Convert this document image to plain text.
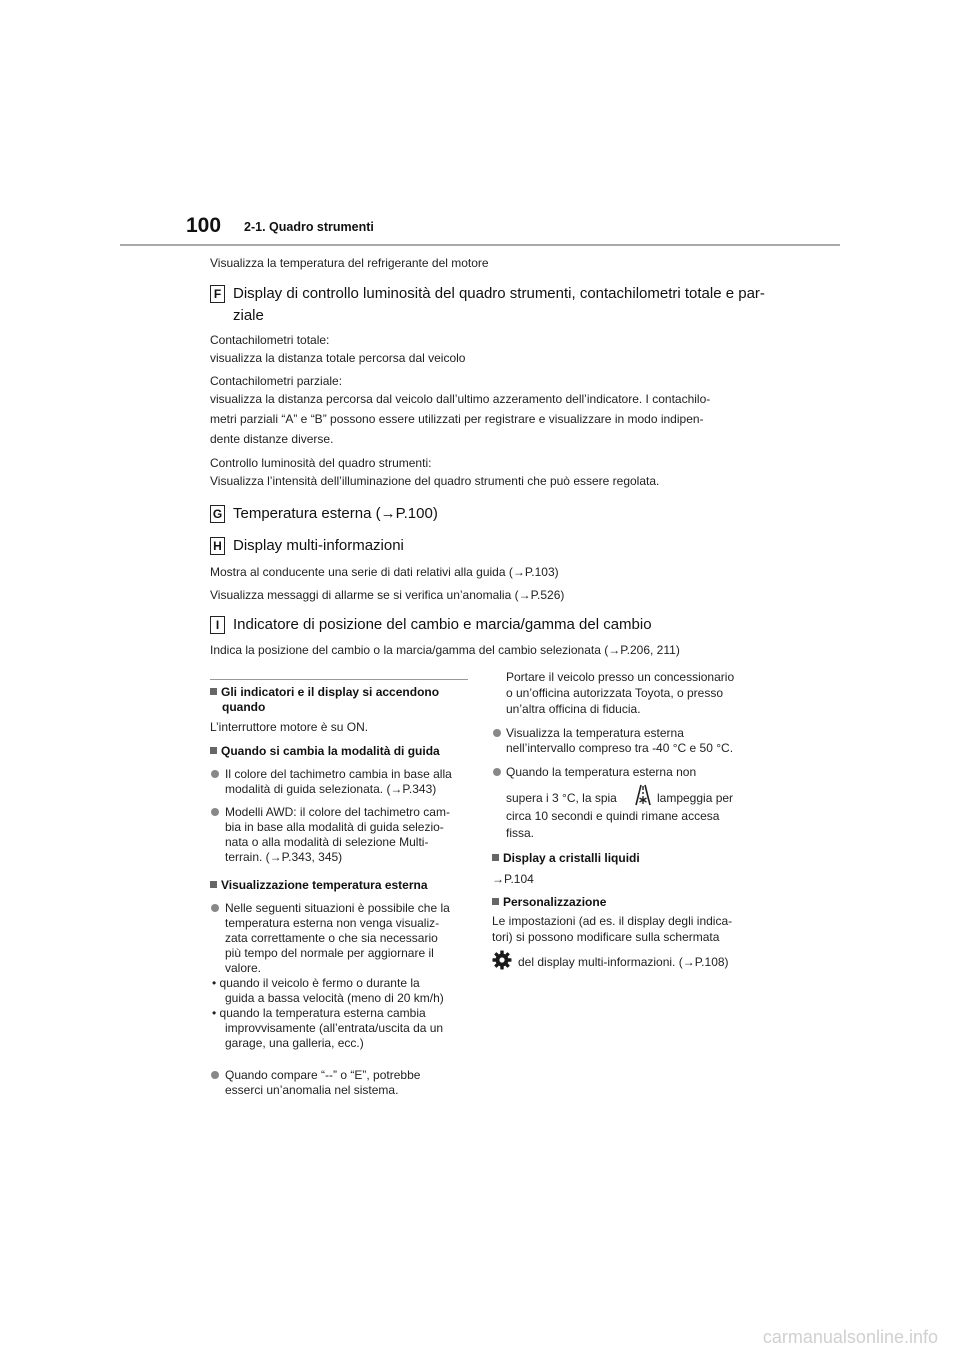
100 2-1. Quadro strumenti
Visualizza la temperatura del refrigerante del motore
F Display di controllo luminosità del quadro strumenti, contachilometri totale e par-
ziale
Contachilometri totale:
visualizza la distanza totale percorsa dal veicolo
Contachilometri parziale:
visualizza la distanza percorsa dal veicolo dall’ultimo azzeramento dell’indicatore. I contachilo-
metri parziali “A” e “B” possono essere utilizzati per registrare e visualizzare in modo indipen-
dente distanze diverse.
Controllo luminosità del quadro strumenti:
Visualizza l’intensità dell’illuminazione del quadro strumenti che può essere regolata.
G Temperatura esterna (→P.100)
H Display multi-informazioni
Mostra al conducente una serie di dati relativi alla guida (→P.103)
Visualizza messaggi di allarme se si verifica un’anomalia (→P.526)
I Indicatore di posizione del cambio e marcia/gamma del cambio
Indica la posizione del cambio o la marcia/gamma del cambio selezionata (→P.206, 211)
Gli indicatori e il display si accendono
quando
L’interruttore motore è su ON.
Quando si cambia la modalità di guida
Il colore del tachimetro cambia in base alla
modalità di guida selezionata. (→P.343)
Modelli AWD: il colore del tachimetro cam-
bia in base alla modalità di guida selezio-
nata o alla modalità di selezione Multi-
terrain. (→P.343, 345)
Visualizzazione temperatura esterna
Nelle seguenti situazioni è possibile che la
temperatura esterna non venga visualiz-
zata correttamente o che sia necessario
più tempo del normale per aggiornare il
valore.
• quando il veicolo è fermo o durante la
guida a bassa velocità (meno di 20 km/h)
• quando la temperatura esterna cambia
improvvisamente (all’entrata/uscita da un
garage, una galleria, ecc.)
Quando compare “--” o “E”, potrebbe
esserci un’anomalia nel sistema.
Portare il veicolo presso un concessionario
o un’officina autorizzata Toyota, o presso
un’altra officina di fiducia.
Visualizza la temperatura esterna
nell’intervallo compreso tra -40 °C e 50 °C.
Quando la temperatura esterna non
supera i 3 °C, la spia	lampeggia per
circa 10 secondi e quindi rimane accesa
fissa.
Display a cristalli liquidi
→P.104
Personalizzazione
Le impostazioni (ad es. il display degli indica-
tori) si possono modificare sulla schermata
del display multi-informazioni. (→P.108)
carmanualsonline.info
